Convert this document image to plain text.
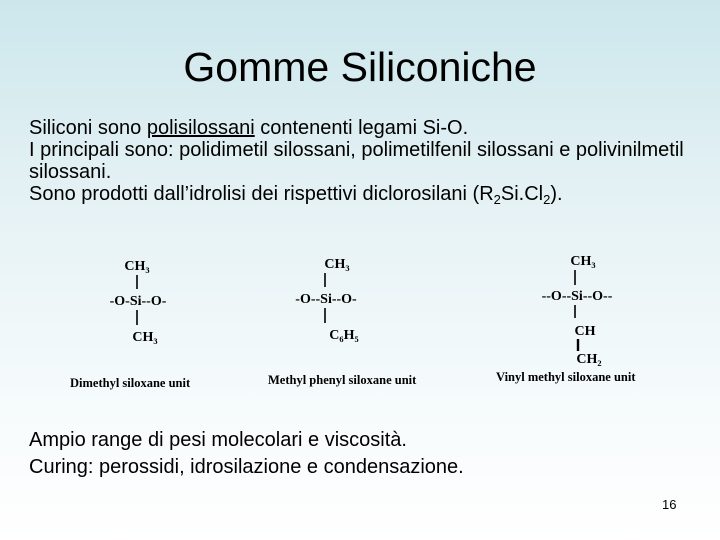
Gomme Siliconiche

Siliconi sono polisilossani contenenti legami Si-O.

I principali sono: polidimetil silossani, polimetilfenil silossani e polivinilmetil silossani.

Sono prodotti dall’idrolisi dei rispettivi diclorosilani $(R_2Si.Cl_2)$.

CH₃
-O-Si--O-
CH₃
Dimethyl siloxane unit
CH₃
-O--Si--O-
C₆H₅
Methyl phenyl siloxane unit
CH₃
--O--Si--O--
CH
CH₂
Vinyl methyl siloxane unit

Ampio range di pesi molecolari e viscosità.

Curing: perossidi, idrosilazione e condensazione.

16
